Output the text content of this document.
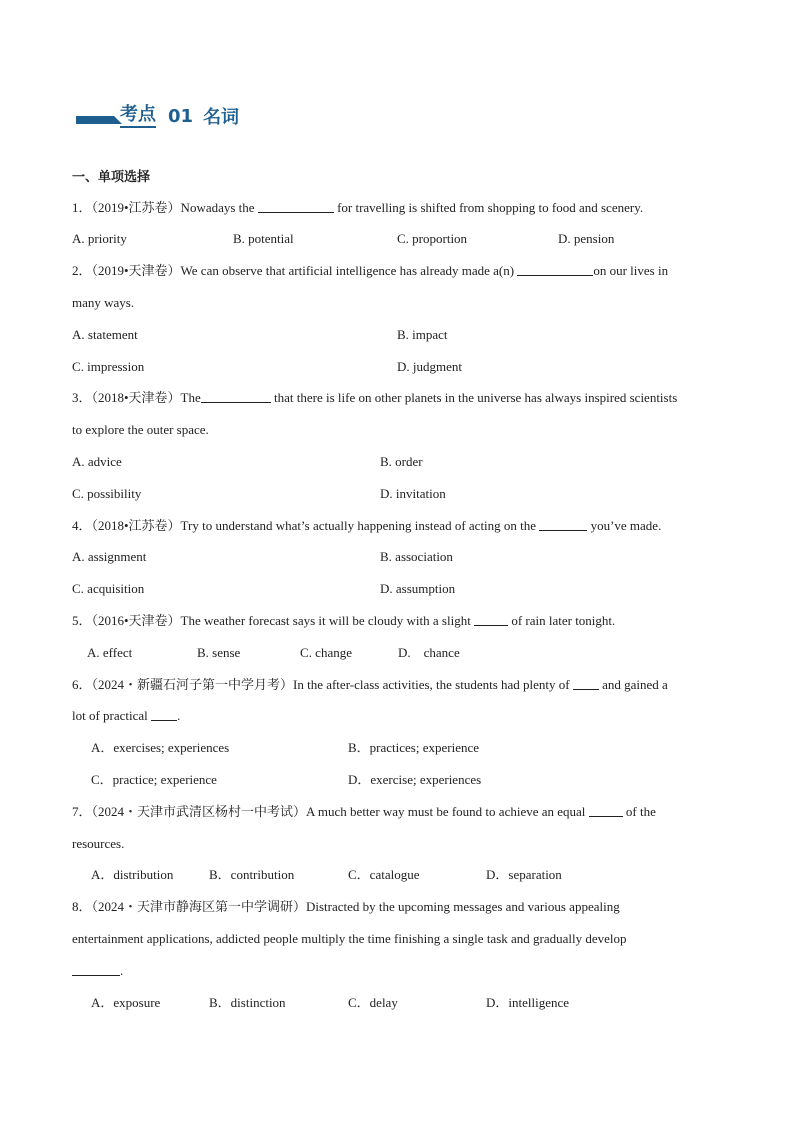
考点 01 名词
一、单项选择
1．（2019•江苏卷）Nowadays the	for travelling is shifted from shopping to food and scenery.
A. priority	B. potential	C. proportion	D. pension
2．（2019•天津卷）We can observe that artificial intelligence has already made a(n)	on our lives in
many ways.
A. statement	B. impact
C. impression	D. judgment
3．（2018•天津卷）The	that there is life on other planets in the universe has always inspired scientists
to explore the outer space.
A. advice	B. order
C. possibility	D. invitation
4．（2018•江苏卷）Try to understand what’s actually happening instead of acting on the	you’ve made.
A. assignment	B. association
C. acquisition	D. assumption
5．（2016•天津卷）The weather forecast says it will be cloudy with a slight	of rain later tonight.
A. effect	B. sense	C. change	D.    chance
6．（2024・新疆石河子第一中学月考）In the after-class activities, the students had plenty of  and gained a
lot of practical .
A．exercises; experiences	B．practices; experience
C．practice; experience	D．exercise; experiences
7．（2024・天津市武清区杨村一中考试）A much better way must be found to achieve an equal	of the
resources.
A．distribution	B．contribution	C．catalogue	D．separation
8．（2024・天津市静海区第一中学调研）Distracted by the upcoming messages and various appealing
entertainment applications, addicted people multiply the time finishing a single task and gradually develop
.
A．exposure	B．distinction	C．delay	D．intelligence
